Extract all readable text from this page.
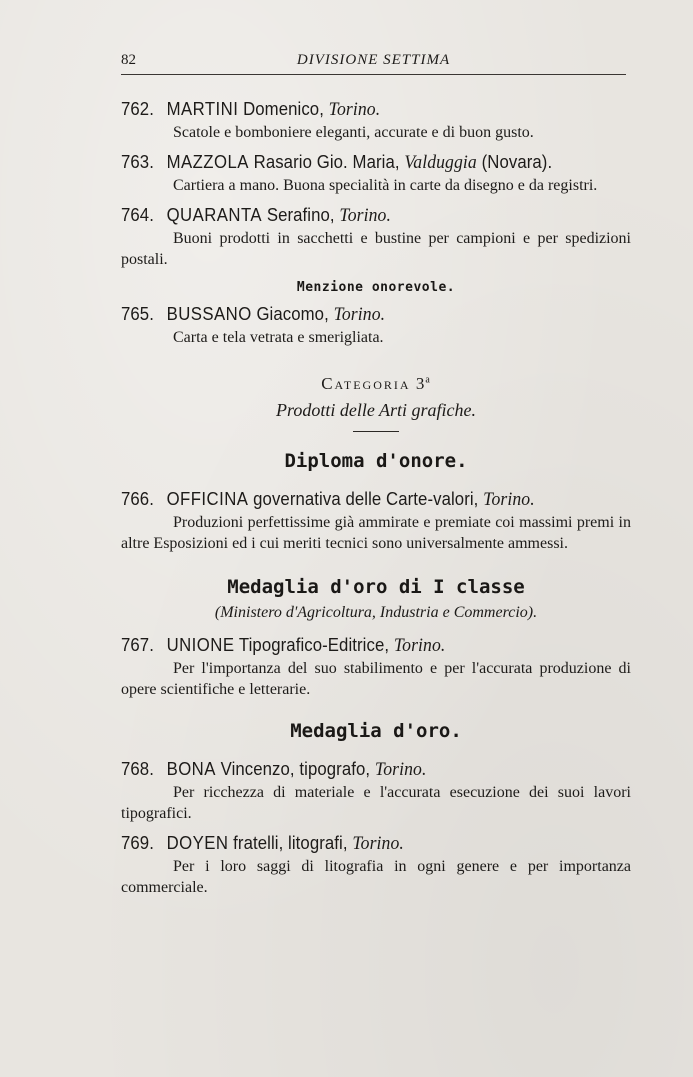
82	DIVISIONE SETTIMA
762. MARTINI Domenico, Torino.
Scatole e bomboniere eleganti, accurate e di buon gusto.
763. MAZZOLA Rasario Gio. Maria, Valduggia (Novara).
Cartiera a mano. Buona specialità in carte da disegno e da registri.
764. QUARANTA Serafino, Torino.
Buoni prodotti in sacchetti e bustine per campioni e per spedizioni postali.
Menzione onorevole.
765. BUSSANO Giacomo, Torino.
Carta e tela vetrata e smerigliata.
Categoria 3$^a$
Prodotti delle Arti grafiche.
Diploma d'onore.
766. OFFICINA governativa delle Carte-valori, Torino.
Produzioni perfettissime già ammirate e premiate coi massimi premi in altre Esposizioni ed i cui meriti tecnici sono universalmente ammessi.
Medaglia d'oro di I classe
(Ministero d'Agricoltura, Industria e Commercio).
767. UNIONE Tipografico-Editrice, Torino.
Per l'importanza del suo stabilimento e per l'accurata produzione di opere scientifiche e letterarie.
Medaglia d'oro.
768. BONA Vincenzo, tipografo, Torino.
Per ricchezza di materiale e l'accurata esecuzione dei suoi lavori tipografici.
769. DOYEN fratelli, litografi, Torino.
Per i loro saggi di litografia in ogni genere e per importanza commerciale.
